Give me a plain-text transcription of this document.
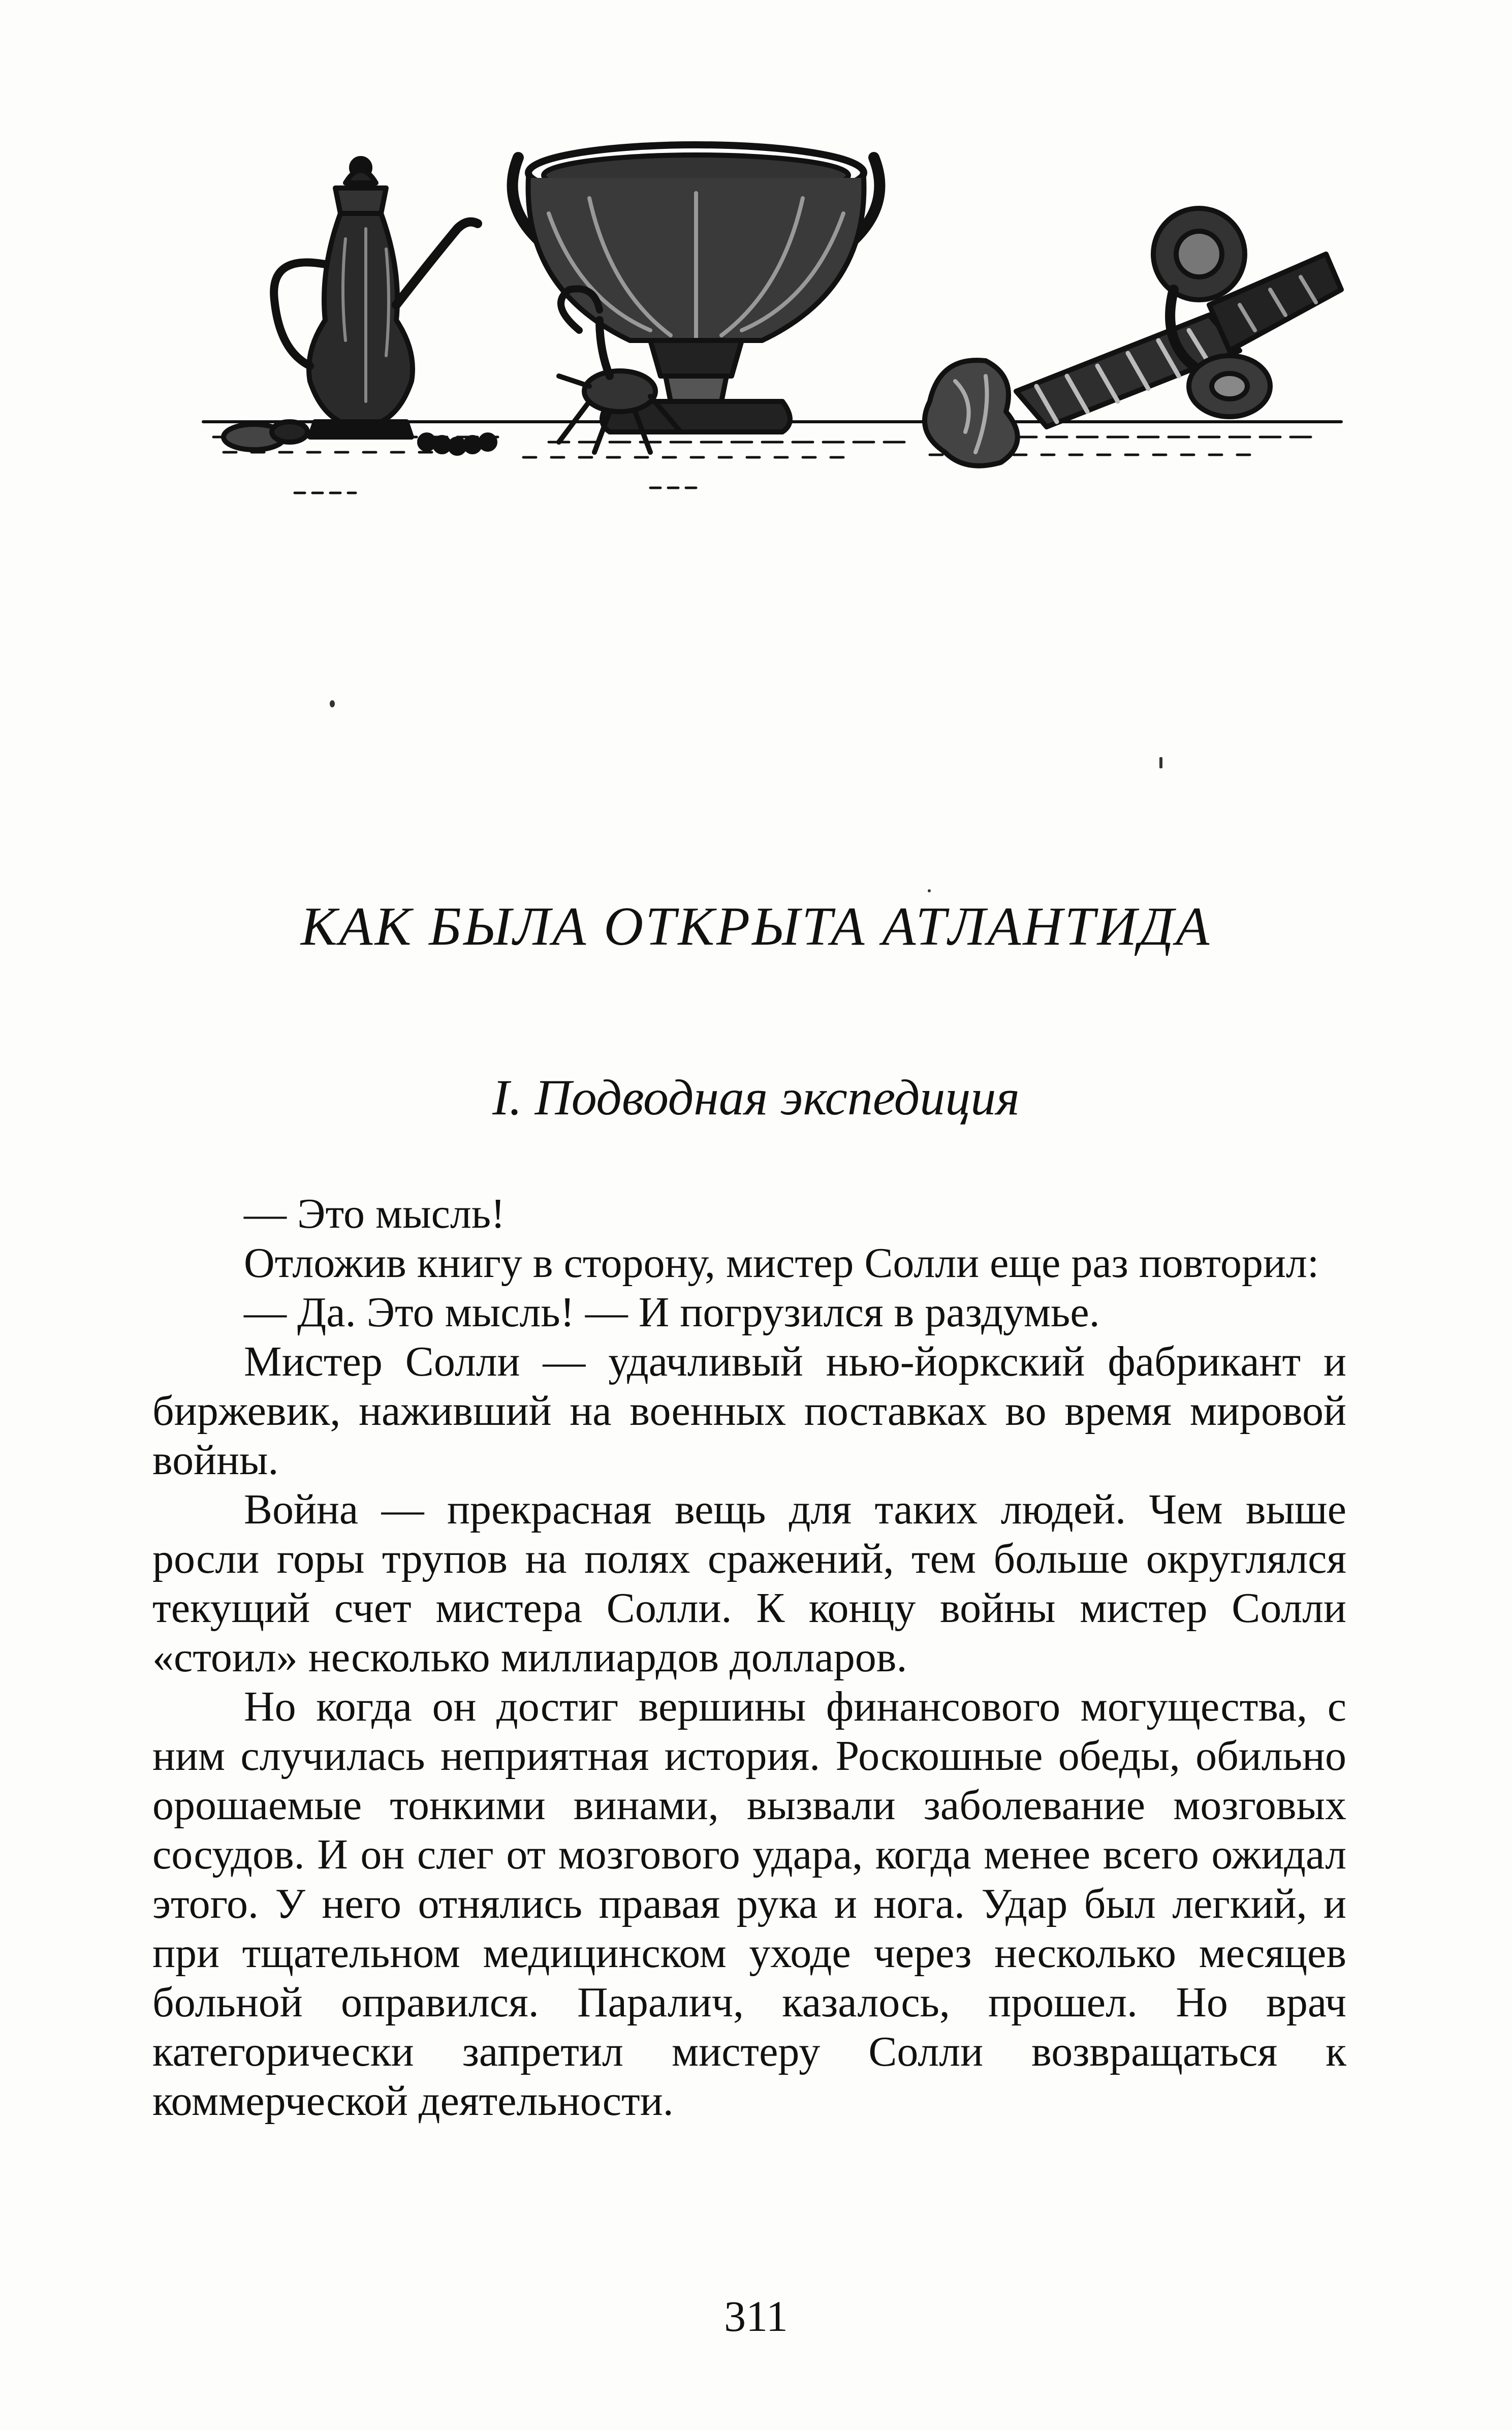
КАК БЫЛА ОТКРЫТА АТЛАНТИДА
I. Подводная экспедиция

— Это мысль!

Отложив книгу в сторону, мистер Солли еще раз повторил:

— Да. Это мысль! — И погрузился в раздумье.

Мистер Солли — удачливый нью-йоркский фабрикант и биржевик, наживший на военных поставках во время мировой войны.

Война — прекрасная вещь для таких людей. Чем выше росли горы трупов на полях сражений, тем больше округлялся текущий счет мистера Солли. К концу войны мистер Солли «стоил» несколько миллиардов долларов.

Но когда он достиг вершины финансового могущества, с ним случилась неприятная история. Роскошные обеды, обильно орошаемые тонкими винами, вызвали заболевание мозговых сосудов. И он слег от мозгового удара, когда менее всего ожидал этого. У него отнялись правая рука и нога. Удар был легкий, и при тщательном медицинском уходе через несколько месяцев больной оправился. Паралич, казалось, прошел. Но врач категорически запретил мистеру Солли возвращаться к коммерческой деятельности.

311
